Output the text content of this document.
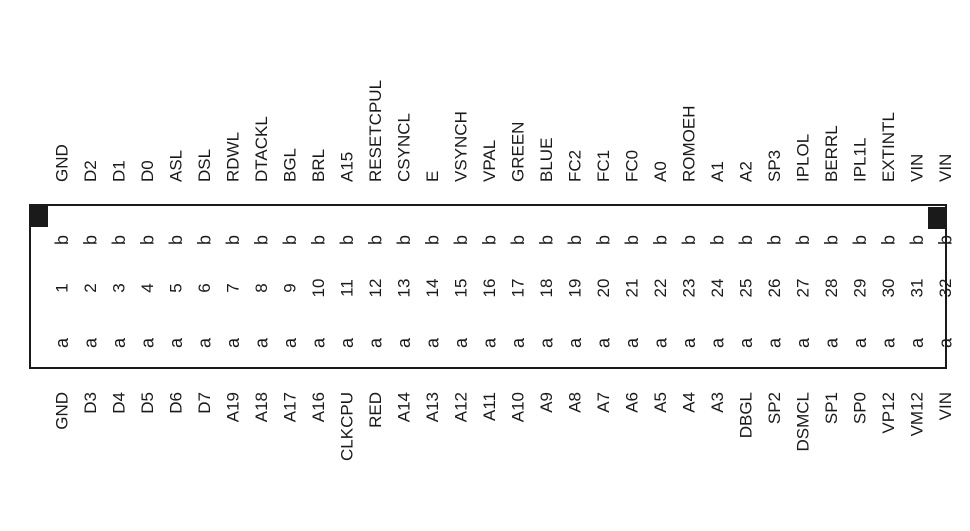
GND
b
1
a
GND
D2
b
2
a
D3
D1
b
3
a
D4
D0
b
4
a
D5
ASL
b
5
a
D6
DSL
b
6
a
D7
RDWL
b
7
a
A19
DTACKL
b
8
a
A18
BGL
b
9
a
A17
BRL
b
10
a
A16
A15
b
11
a
CLKCPU
RESETCPUL
b
12
a
RED
CSYNCL
b
13
a
A14
E
b
14
a
A13
VSYNCH
b
15
a
A12
VPAL
b
16
a
A11
GREEN
b
17
a
A10
BLUE
b
18
a
A9
FC2
b
19
a
A8
FC1
b
20
a
A7
FC0
b
21
a
A6
A0
b
22
a
A5
ROMOEH
b
23
a
A4
A1
b
24
a
A3
A2
b
25
a
DBGL
SP3
b
26
a
SP2
IPLOL
b
27
a
DSMCL
BERRL
b
28
a
SP1
IPL1L
b
29
a
SP0
EXTINTL
b
30
a
VP12
VIN
b
31
a
VM12
VIN
b
32
a
VIN
